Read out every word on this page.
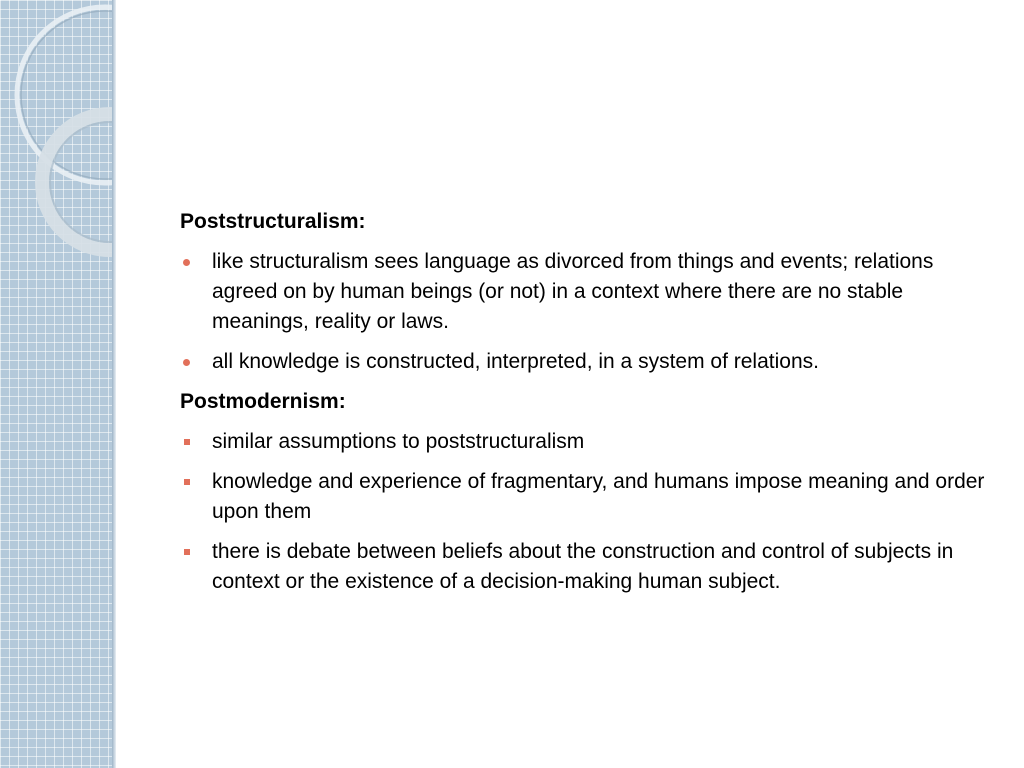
Poststructuralism:
like structuralism sees language as divorced from things and events; relations agreed on by human beings (or not) in a context where there are no stable meanings, reality or laws.
all knowledge is constructed, interpreted, in a system of relations.
Postmodernism:
similar assumptions to poststructuralism
knowledge and experience of fragmentary, and humans impose meaning and order upon them
there is debate between beliefs about the construction and control of subjects in context or the existence of a decision-making human subject.
